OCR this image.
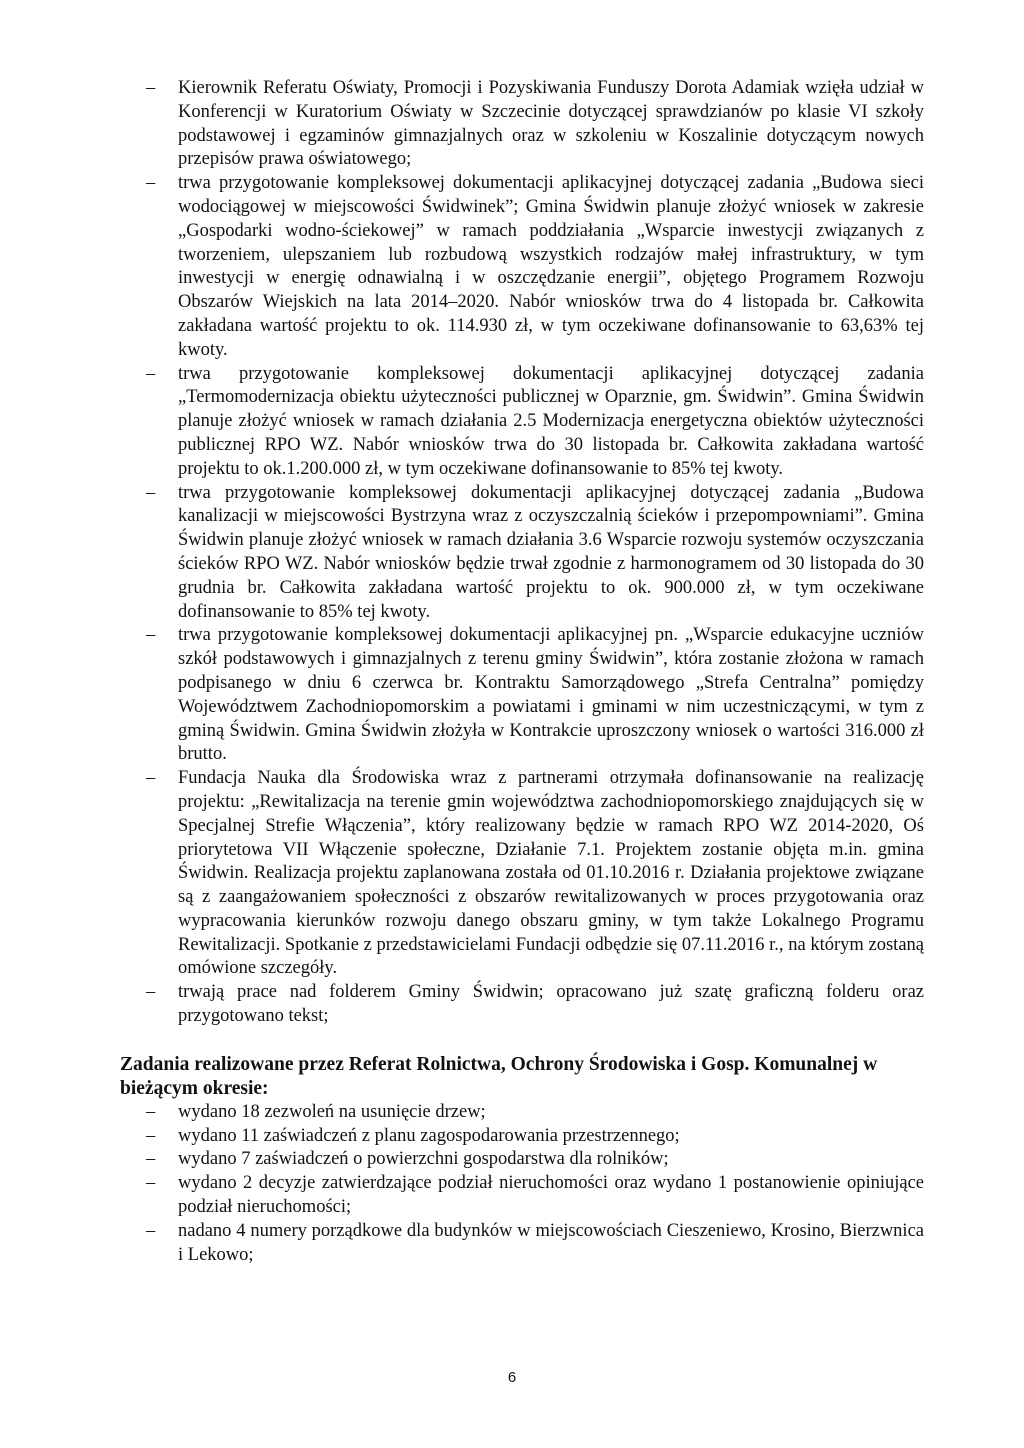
– Kierownik Referatu Oświaty, Promocji i Pozyskiwania Funduszy Dorota Adamiak wzięła udział w Konferencji w Kuratorium Oświaty w Szczecinie dotyczącej sprawdzianów po klasie VI szkoły podstawowej i egzaminów gimnazjalnych oraz w szkoleniu w Koszalinie dotyczącym nowych przepisów prawa oświatowego;
– trwa przygotowanie kompleksowej dokumentacji aplikacyjnej dotyczącej zadania „Budowa sieci wodociągowej w miejscowości Świdwinek”; Gmina Świdwin planuje złożyć wniosek w zakresie „Gospodarki wodno-ściekowej” w ramach poddziałania „Wsparcie inwestycji związanych z tworzeniem, ulepszaniem lub rozbudową wszystkich rodzajów małej infrastruktury, w tym inwestycji w energię odnawialną i w oszczędzanie energii”, objętego Programem Rozwoju Obszarów Wiejskich na lata 2014–2020. Nabór wniosków trwa do 4 listopada br. Całkowita zakładana wartość projektu to ok. 114.930 zł, w tym oczekiwane dofinansowanie to 63,63% tej kwoty.
– trwa przygotowanie kompleksowej dokumentacji aplikacyjnej dotyczącej zadania „Termomodernizacja obiektu użyteczności publicznej w Oparznie, gm. Świdwin”. Gmina Świdwin planuje złożyć wniosek w ramach działania 2.5 Modernizacja energetyczna obiektów użyteczności publicznej RPO WZ. Nabór wniosków trwa do 30 listopada br. Całkowita zakładana wartość projektu to ok.1.200.000 zł, w tym oczekiwane dofinansowanie to 85% tej kwoty.
– trwa przygotowanie kompleksowej dokumentacji aplikacyjnej dotyczącej zadania „Budowa kanalizacji w miejscowości Bystrzyna wraz z oczyszczalnią ścieków i przepompowniami”. Gmina Świdwin planuje złożyć wniosek w ramach działania 3.6 Wsparcie rozwoju systemów oczyszczania ścieków RPO WZ. Nabór wniosków będzie trwał zgodnie z harmonogramem od 30 listopada do 30 grudnia br. Całkowita zakładana wartość projektu to ok. 900.000 zł, w tym oczekiwane dofinansowanie to 85% tej kwoty.
– trwa przygotowanie kompleksowej dokumentacji aplikacyjnej pn. „Wsparcie edukacyjne uczniów szkół podstawowych i gimnazjalnych z terenu gminy Świdwin”, która zostanie złożona w ramach podpisanego w dniu 6 czerwca br. Kontraktu Samorządowego „Strefa Centralna” pomiędzy Województwem Zachodniopomorskim a powiatami i gminami w nim uczestniczącymi, w tym z gminą Świdwin. Gmina Świdwin złożyła w Kontrakcie uproszczony wniosek o wartości 316.000 zł brutto.
– Fundacja Nauka dla Środowiska wraz z partnerami otrzymała dofinansowanie na realizację projektu: „Rewitalizacja na terenie gmin województwa zachodniopomorskiego znajdujących się w Specjalnej Strefie Włączenia”, który realizowany będzie w ramach RPO WZ 2014-2020, Oś priorytetowa VII Włączenie społeczne, Działanie 7.1. Projektem zostanie objęta m.in. gmina Świdwin. Realizacja projektu zaplanowana została od 01.10.2016 r. Działania projektowe związane są z zaangażowaniem społeczności z obszarów rewitalizowanych w proces przygotowania oraz wypracowania kierunków rozwoju danego obszaru gminy, w tym także Lokalnego Programu Rewitalizacji. Spotkanie z przedstawicielami Fundacji odbędzie się 07.11.2016 r., na którym zostaną omówione szczegóły.
– trwają prace nad folderem Gminy Świdwin; opracowano już szatę graficzną folderu oraz przygotowano tekst;

Zadania realizowane przez Referat Rolnictwa, Ochrony Środowiska i Gosp. Komunalnej w bieżącym okresie:

– wydano 18 zezwoleń na usunięcie drzew;
– wydano 11 zaświadczeń z planu zagospodarowania przestrzennego;
– wydano 7 zaświadczeń o powierzchni gospodarstwa dla rolników;
– wydano 2 decyzje zatwierdzające podział nieruchomości oraz wydano 1 postanowienie opiniujące podział nieruchomości;
– nadano 4 numery porządkowe dla budynków w miejscowościach Cieszeniewo, Krosino, Bierzwnica i Lekowo;
6
